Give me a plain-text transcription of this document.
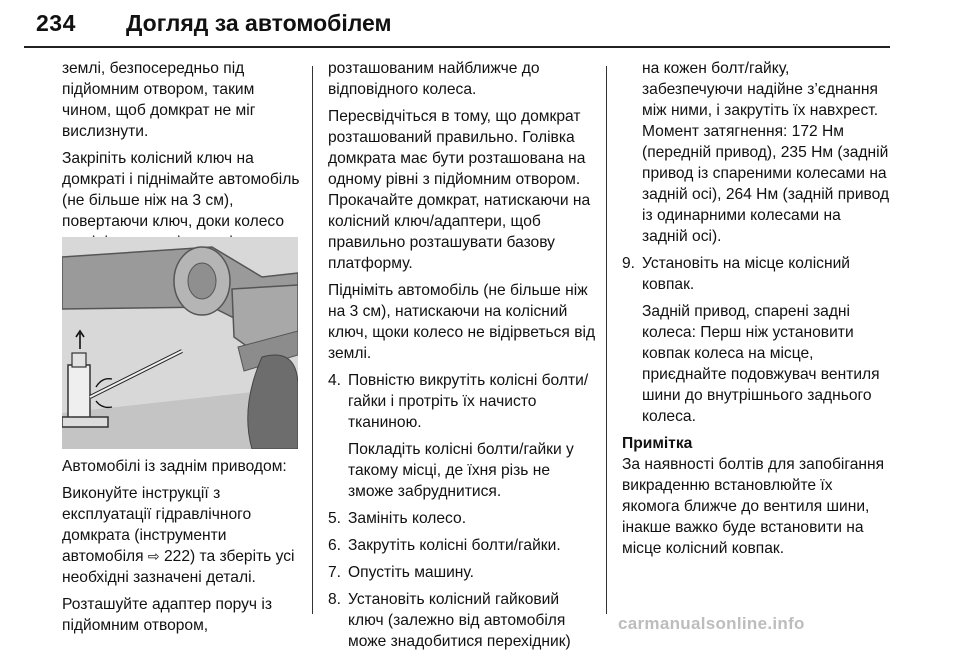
234 Догляд за автомобілем

землі, безпосередньо під підйомним отвором, таким чином, щоб домкрат не міг вислизнути.

Закріпіть колісний ключ на домкраті і піднімайте автомобіль (не більше ніж на 3 см), повертаючи ключ, доки колесо

Автомобілі із заднім приводом:

Виконуйте інструкції з експлуатації гідравлічного домкрата (інструменти автомобіля ⇨ 222) та зберіть усі необхідні зазначені деталі.

Розташуйте адаптер поруч із підйомним отвором,

розташованим найближче до відповідного колеса.

Пересвідчіться в тому, що домкрат розташований правильно. Голівка домкрата має бути розташована на одному рівні з підйомним отвором. Прокачайте домкрат, натискаючи на колісний ключ/адаптери, щоб правильно розташувати базову платформу.

Підніміть автомобіль (не більше ніж на 3 см), натискаючи на колісний ключ, щоки колесо не відірветься від землі.

4. Повністю викрутіть колісні болти/гайки і протріть їх начисто тканиною.
Покладіть колісні болти/гайки у такому місці, де їхня різь не зможе забруднитися.
5. Замініть колесо.
6. Закрутіть колісні болти/гайки.
7. Опустіть машину.
8. Установіть колісний гайковий ключ (залежно від автомобіля може знадобитися перехідник)

на кожен болт/гайку, забезпечуючи надійне з’єднання між ними, і закрутіть їх навхрест. Момент затягнення: 172 Нм (передній привод), 235 Нм (задній привод із спареними колесами на задній осі), 264 Нм (задній привод із одинарними колесами на задній осі).

9. Установіть на місце колісний ковпак.
Задній привод, спарені задні колеса: Перш ніж установити ковпак колеса на місце, приєднайте подовжувач вентиля шини до внутрішнього заднього колеса.

Примітка

За наявності болтів для запобігання викраденню встановлюйте їх якомога ближче до вентиля шини, інакше важко буде встановити на місце колісний ковпак.

carmanualsonline.info
